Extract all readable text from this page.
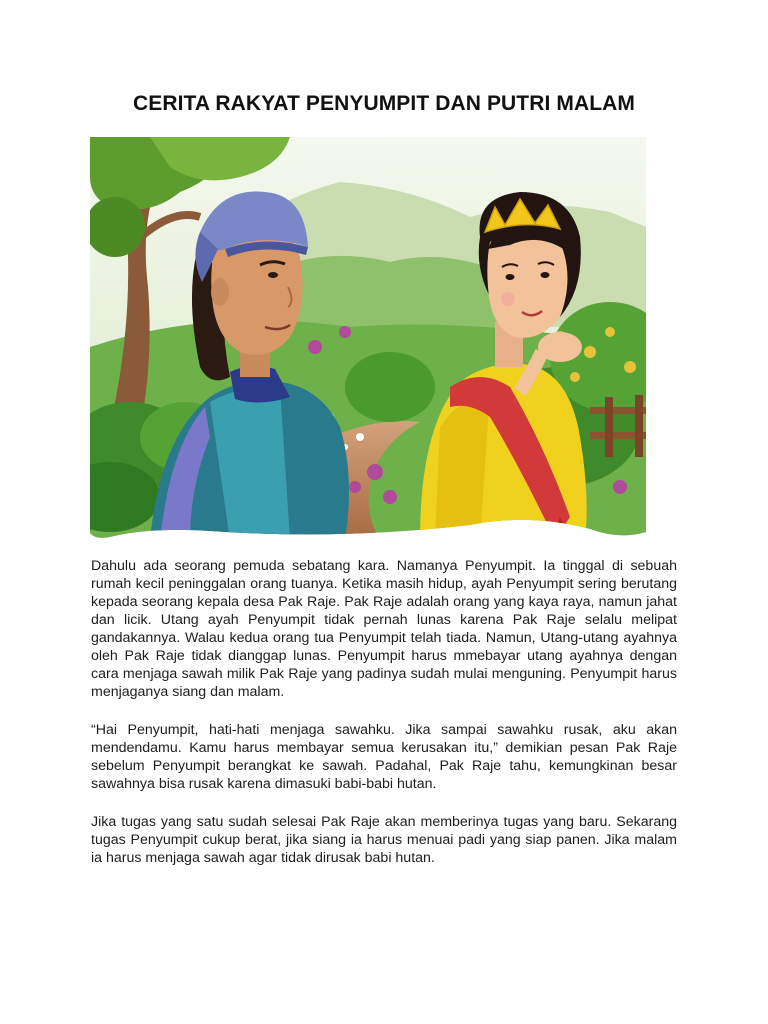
CERITA RAKYAT PENYUMPIT DAN PUTRI MALAM

Dahulu ada seorang pemuda sebatang kara. Namanya Penyumpit. Ia tinggal di sebuah rumah kecil peninggalan orang tuanya. Ketika masih hidup, ayah Penyumpit sering berutang kepada seorang kepala desa Pak Raje. Pak Raje adalah orang yang kaya raya, namun jahat dan licik. Utang ayah Penyumpit tidak pernah lunas karena Pak Raje selalu melipat gandakannya. Walau kedua orang tua Penyumpit telah tiada. Namun, Utang-utang ayahnya oleh Pak Raje tidak dianggap lunas. Penyumpit harus mmebayar utang ayahnya dengan cara menjaga sawah milik Pak Raje yang padinya sudah mulai menguning. Penyumpit harus menjaganya siang dan malam.

“Hai Penyumpit, hati-hati menjaga sawahku. Jika sampai sawahku rusak, aku akan mendendamu. Kamu harus membayar semua kerusakan itu,” demikian pesan Pak Raje sebelum Penyumpit berangkat ke sawah. Padahal, Pak Raje tahu, kemungkinan besar sawahnya bisa rusak karena dimasuki babi-babi hutan.

Jika tugas yang satu sudah selesai Pak Raje akan memberinya tugas yang baru. Sekarang tugas Penyumpit cukup berat, jika siang ia harus menuai padi yang siap panen. Jika malam ia harus menjaga sawah agar tidak dirusak babi hutan.
